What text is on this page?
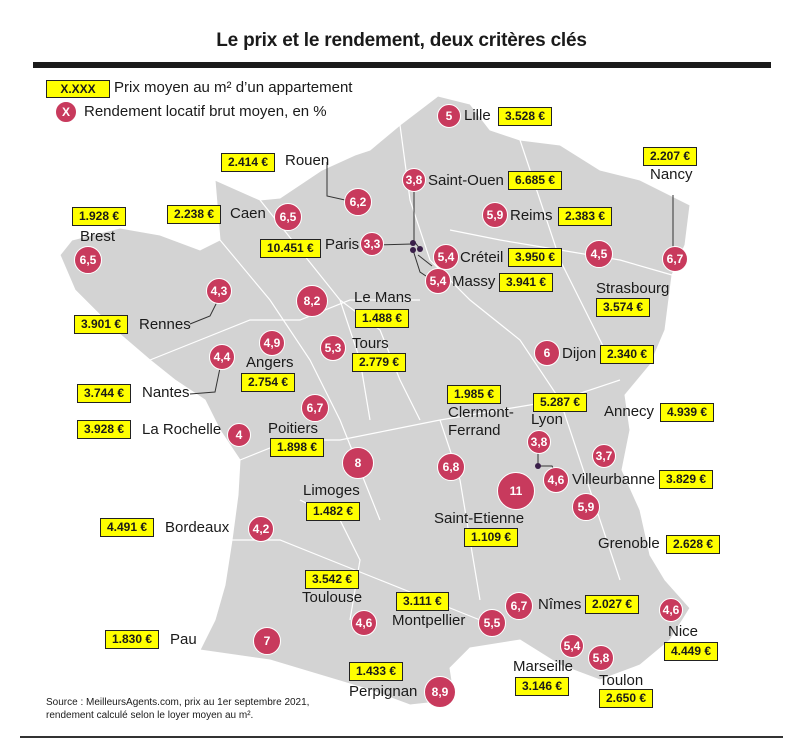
Le prix et le rendement, deux critères clés
X.XXX	Prix moyen au m² d’un appartement
X Rendement locatif brut moyen, en %	5 Lille	3.528 €
2.414 €	Rouen
6,2
3,8 Saint-Ouen 6.685 €
2.207 €
Nancy
6,7
1.928 €
Brest
6,5
2.238 €	Caen	6,5	5,9 Reims	2.383 €
10.451 € Paris 3,3
5,4 Créteil 3.950 €
5,4 Massy 3.941 €
4,5
Strasbourg
3.574 €
4,3
3.901 €	Rennes
8,2	Le Mans
1.488 €
5,3 Tours
2.779 €
4,9
Angers
2.754 €
6 Dijon 2.340 €
4,4
3.744 €	Nantes	1.985 €
Clermont-
Ferrand
6,8
5.287 €
Lyon
3,8
Annecy	4.939 €
3,7
3.928 €	La Rochelle	4
6,7
Poitiers
1.898 €
4,6 Villeurbanne 3.829 €
8
Limoges
1.482 €
11
Saint-Etienne
1.109 €
4.491 €	Bordeaux	4,2
5,9
Grenoble	2.628 €
3.542 €
Toulouse
4,6
3.111 €
Montpellier	5,5
6,7 Nîmes 2.027 €	4,6
Nice
4.449 €
1.830 €	Pau	7	5,4
Marseille
3.146 €
5,8
Toulon
2.650 €
1.433 €
Perpignan	8,9
Source : MeilleursAgents.com, prix au 1er septembre 2021,
rendement calculé selon le loyer moyen au m².
